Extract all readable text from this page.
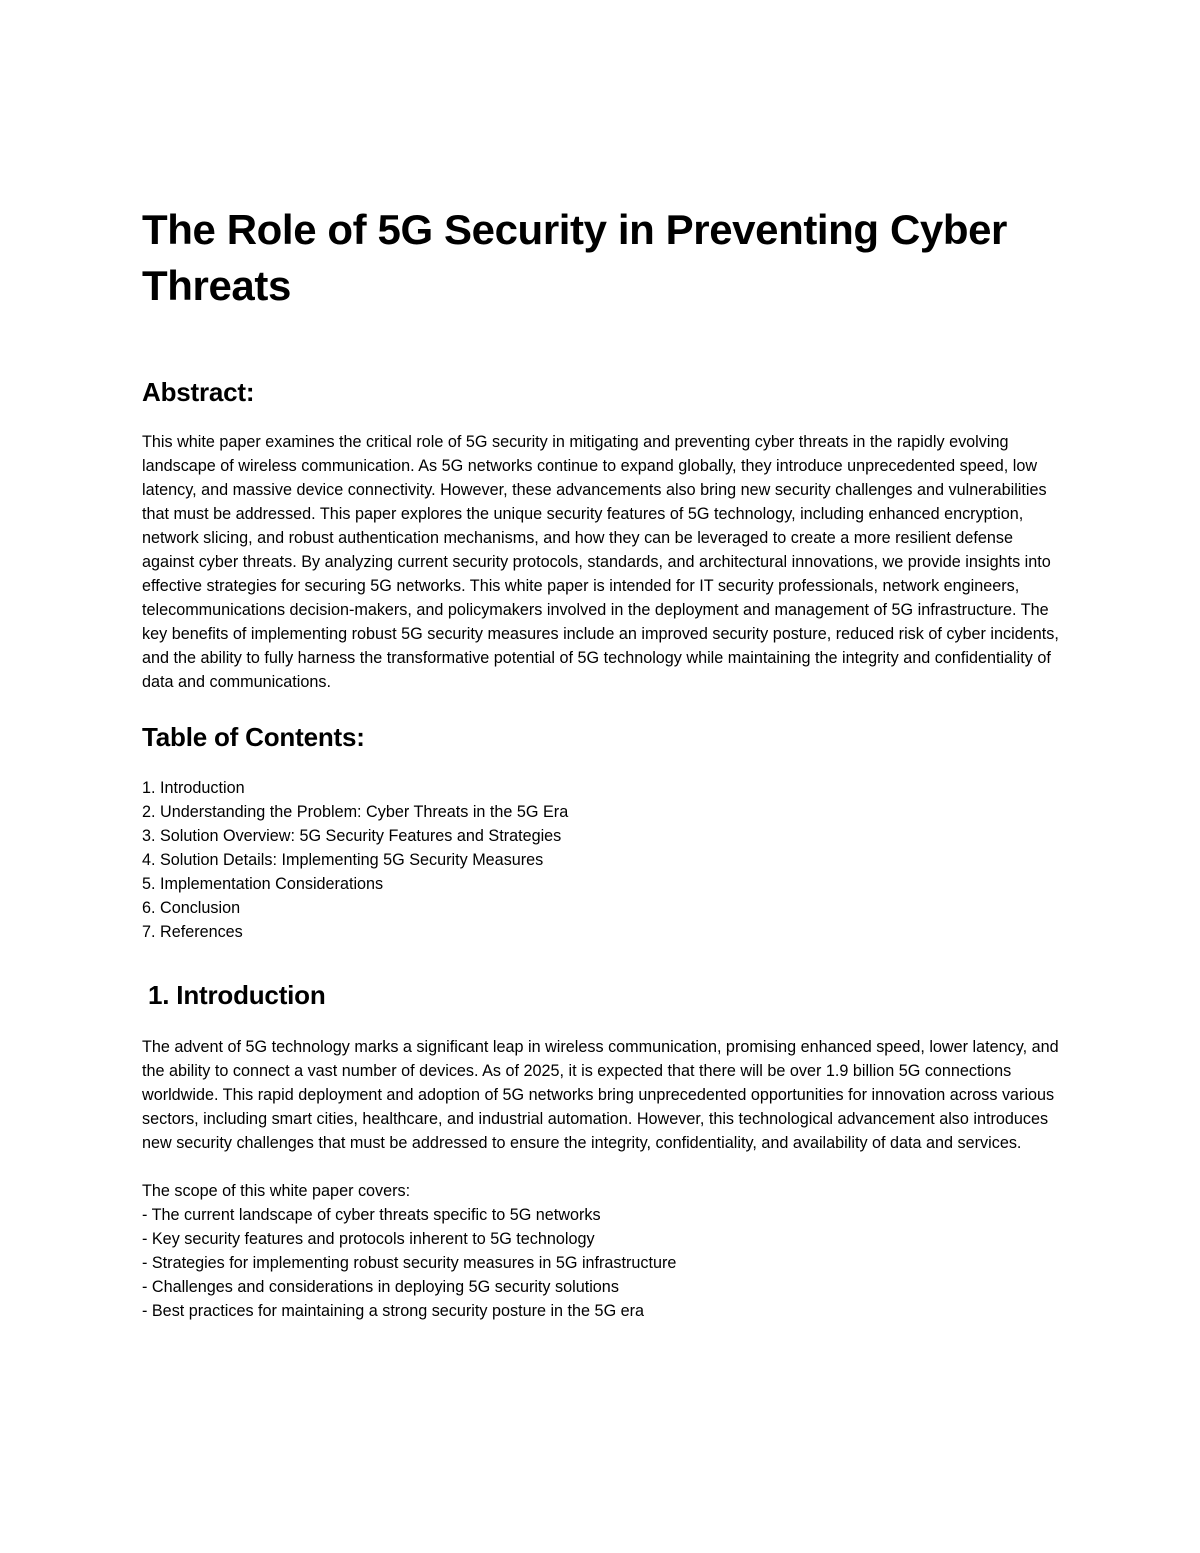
The Role of 5G Security in Preventing Cyber Threats
Abstract:

This white paper examines the critical role of 5G security in mitigating and preventing cyber threats in the rapidly evolving landscape of wireless communication. As 5G networks continue to expand globally, they introduce unprecedented speed, low latency, and massive device connectivity. However, these advancements also bring new security challenges and vulnerabilities that must be addressed. This paper explores the unique security features of 5G technology, including enhanced encryption, network slicing, and robust authentication mechanisms, and how they can be leveraged to create a more resilient defense against cyber threats. By analyzing current security protocols, standards, and architectural innovations, we provide insights into effective strategies for securing 5G networks. This white paper is intended for IT security professionals, network engineers, telecommunications decision-makers, and policymakers involved in the deployment and management of 5G infrastructure. The key benefits of implementing robust 5G security measures include an improved security posture, reduced risk of cyber incidents, and the ability to fully harness the transformative potential of 5G technology while maintaining the integrity and confidentiality of data and communications.

Table of Contents:
1. Introduction
2. Understanding the Problem: Cyber Threats in the 5G Era
3. Solution Overview: 5G Security Features and Strategies
4. Solution Details: Implementing 5G Security Measures
5. Implementation Considerations
6. Conclusion
7. References
1. Introduction

The advent of 5G technology marks a significant leap in wireless communication, promising enhanced speed, lower latency, and the ability to connect a vast number of devices. As of 2025, it is expected that there will be over 1.9 billion 5G connections worldwide. This rapid deployment and adoption of 5G networks bring unprecedented opportunities for innovation across various sectors, including smart cities, healthcare, and industrial automation. However, this technological advancement also introduces new security challenges that must be addressed to ensure the integrity, confidentiality, and availability of data and services.

The scope of this white paper covers:

- The current landscape of cyber threats specific to 5G networks
- Key security features and protocols inherent to 5G technology
- Strategies for implementing robust security measures in 5G infrastructure
- Challenges and considerations in deploying 5G security solutions
- Best practices for maintaining a strong security posture in the 5G era
